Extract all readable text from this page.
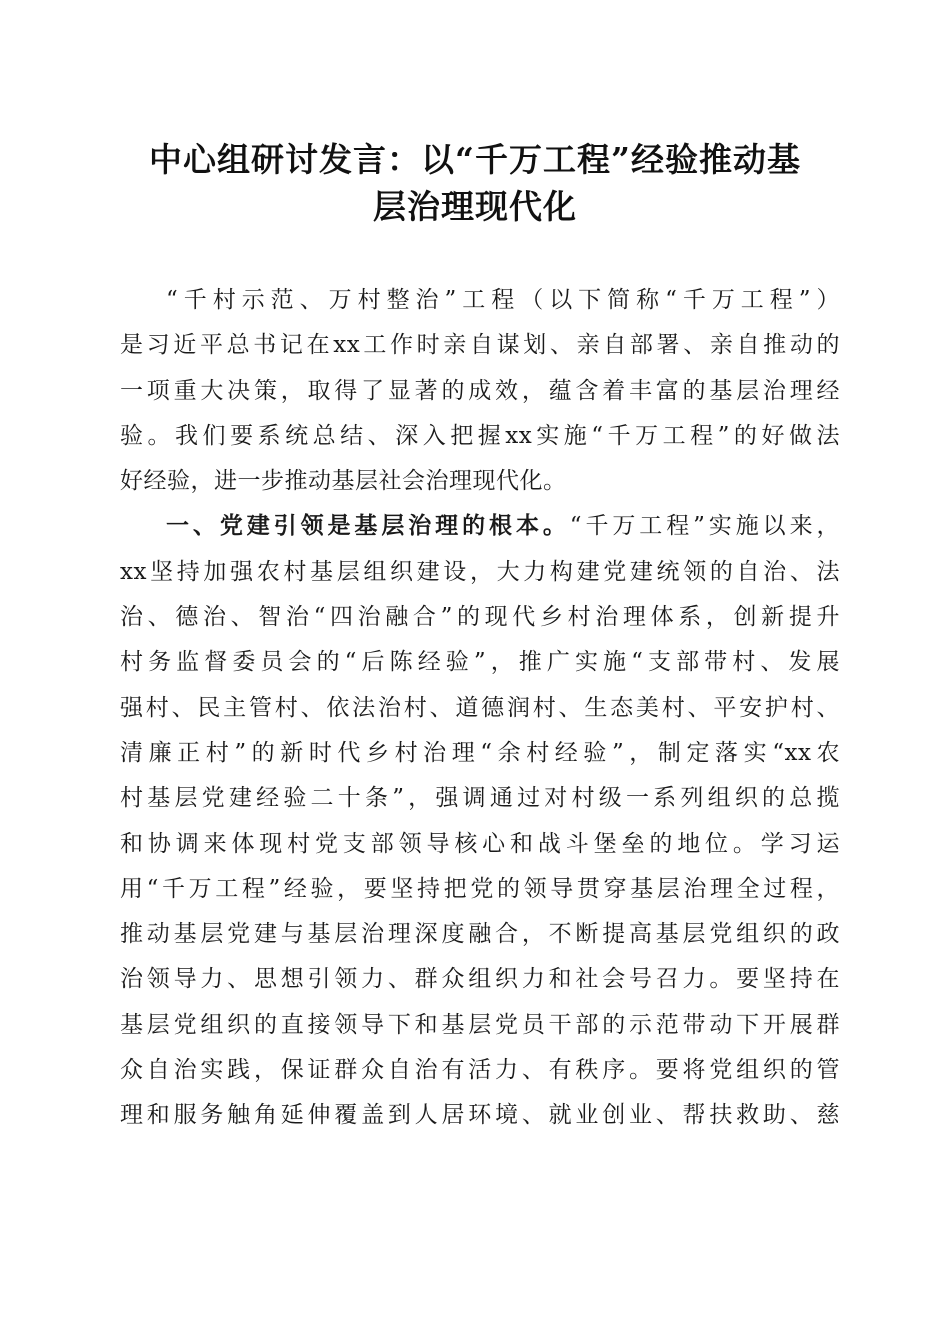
中心组研讨发言：以“千万工程”经验推动基
层治理现代化
“千村示范、万村整治”工程（以下简称“千万工程”）
是习近平总书记在xx工作时亲自谋划、亲自部署、亲自推动的
一项重大决策，取得了显著的成效，蕴含着丰富的基层治理经
验。我们要系统总结、深入把握xx实施“千万工程”的好做法
好经验，进一步推动基层社会治理现代化。
一、党建引领是基层治理的根本。“千万工程”实施以来，
xx坚持加强农村基层组织建设，大力构建党建统领的自治、法
治、德治、智治“四治融合”的现代乡村治理体系，创新提升
村务监督委员会的“后陈经验”，推广实施“支部带村、发展
强村、民主管村、依法治村、道德润村、生态美村、平安护村、
清廉正村”的新时代乡村治理“余村经验”，制定落实“xx农
村基层党建经验二十条”，强调通过对村级一系列组织的总揽
和协调来体现村党支部领导核心和战斗堡垒的地位。学习运
用“千万工程”经验，要坚持把党的领导贯穿基层治理全过程，
推动基层党建与基层治理深度融合，不断提高基层党组织的政
治领导力、思想引领力、群众组织力和社会号召力。要坚持在
基层党组织的直接领导下和基层党员干部的示范带动下开展群
众自治实践，保证群众自治有活力、有秩序。要将党组织的管
理和服务触角延伸覆盖到人居环境、就业创业、帮扶救助、慈
